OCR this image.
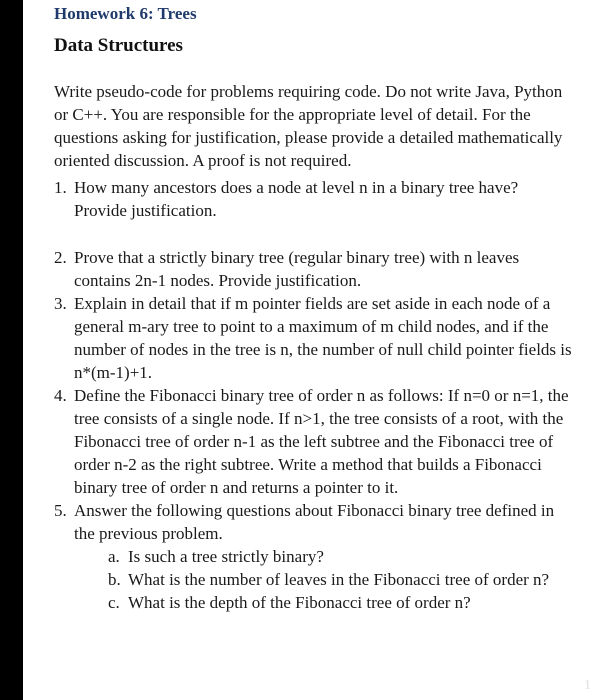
Homework 6: Trees
Data Structures

Write pseudo-code for problems requiring code. Do not write Java, Python or C++. You are responsible for the appropriate level of detail. For the questions asking for justification, please provide a detailed mathematically oriented discussion. A proof is not required.

1. How many ancestors does a node at level n in a binary tree have? Provide justification.
2. Prove that a strictly binary tree (regular binary tree) with n leaves contains 2n-1 nodes. Provide justification.
3. Explain in detail that if m pointer fields are set aside in each node of a general m-ary tree to point to a maximum of m child nodes, and if the number of nodes in the tree is n, the number of null child pointer fields is n*(m-1)+1.
4. Define the Fibonacci binary tree of order n as follows: If n=0 or n=1, the tree consists of a single node. If n>1, the tree consists of a root, with the Fibonacci tree of order n-1 as the left subtree and the Fibonacci tree of order n-2 as the right subtree. Write a method that builds a Fibonacci binary tree of order n and returns a pointer to it.
5. Answer the following questions about Fibonacci binary tree defined in the previous problem.
a. Is such a tree strictly binary?
b. What is the number of leaves in the Fibonacci tree of order n?
c. What is the depth of the Fibonacci tree of order n?
1
